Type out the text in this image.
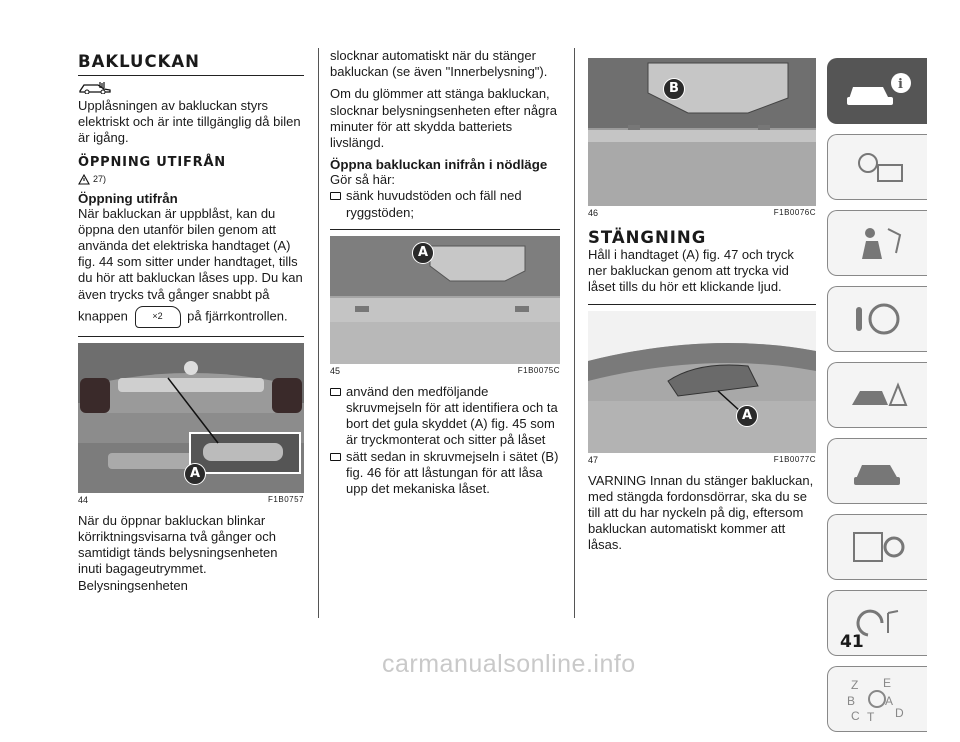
BAKLUCKAN

Upplåsningen av bakluckan styrs elektriskt och är inte tillgänglig då bilen är igång.

ÖPPNING UTIFRÅN
27)
Öppning utifrån

När bakluckan är uppblåst, kan du öppna den utanför bilen genom att använda det elektriska handtaget (A) fig. 44 som sitter under handtaget, tills du hör att bakluckan låses upp. Du kan även trycks två gånger snabbt på

knappen	×2 på fjärrkontrollen.

A
44	F1B0757

När du öppnar bakluckan blinkar körriktningsvisarna två gånger och samtidigt tänds belysningsenheten inuti bagageutrymmet. Belysningsenheten

slocknar automatiskt när du stänger bakluckan (se även "Innerbelysning").

Om du glömmer att stänga bakluckan, slocknar belysningsenheten efter några minuter för att skydda batteriets livslängd.

Öppna bakluckan inifrån i nödläge

Gör så här:

sänk huvudstöden och fäll ned ryggstöden;
A
45	F1B0075C
använd den medföljande skruvmejseln för att identifiera och ta bort det gula skyddet (A) fig. 45 som är tryckmonterat och sitter på låset
sätt sedan in skruvmejseln i sätet (B) fig. 46 för att låstungan för att låsa upp det mekaniska låset.
B
46	F1B0076C
STÄNGNING

Håll i handtaget (A) fig. 47 och tryck ner bakluckan genom att trycka vid låset tills du hör ett klickande ljud.

A
47	F1B0077C

VARNING Innan du stänger bakluckan, med stängda fordonsdörrar, ska du se till att du har nyckeln på dig, eftersom bakluckan automatiskt kommer att låsas.

i
Z E
B A
C T D
41
carmanualsonline.info
